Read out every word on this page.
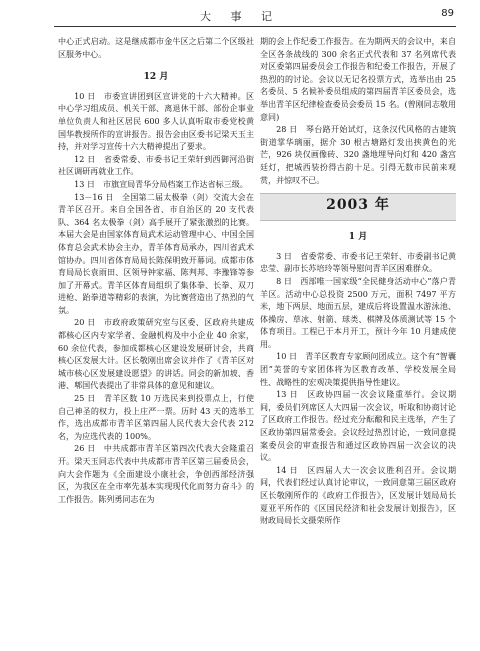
大 事 记	89

中心正式启动。这是继成都市金牛区之后第二个区级社区服务中心。

12 月

10 日　市委宣讲团到区宣讲党的十六大精神。区中心学习组成员、机关干部、离退休干部、部份企事业单位负责人和社区居民 600 多人认真听取市委党校黄国华教授所作的宣讲报告。报告会由区委书记梁天玉主持，并对学习宣传十六大精神提出了要求。

12 日　省委常委、市委书记王荣轩到西御河沿街社区调研再就业工作。

13 日　市旗宣局青华分局档案工作达省标三级。

13－16 日　全国第二届太极拳（剑）交流大会在青羊区召开。来自全国各省、市自治区的 20 支代表队、364 名太极拳（剑）高手展开了紧张激烈的比赛。本届大会是由国家体育局武术运动管理中心、中国全国体育总会武术协会主办，青羊体育局承办，四川省武术馆协办。四川省体育局局长陈保明致开幕词。成都市体育局局长袁雨田、区领导钟家福、陈判邦、李豫锋等参加了开幕式。青羊区体育局组织了集体拳、长拳、双刀进枪、跆拳道等精彩的表演，为比赛营造出了热烈的气氛。

20 日　市政府政策研究室与区委、区政府共建成都核心区内专家学者、金融机构及中小企业 40 余家，60 余位代表，参加成都核心区建设发展研讨会，共商核心区发展大计。区长敬刚出席会议并作了《青羊区对城市核心区发展建设愿望》的讲话。同会的新加坡、香港、郫国代表提出了非常具体的意见和建议。

25 日　青羊区数 10 万选民来到投票点上，行使自己神圣的权力，投上庄严一票。历时 43 天的选举工作，选出成都市青羊区第四届人民代表大会代表 212 名，为应选代表的 100%。

26 日　中共成都市青羊区第四次代表大会隆重召开。梁天玉同志代表中共成都市青羊区第三届委员会，向大会作题为《全面建设小康社会，争创西部经济强区，为我区在全市率先基本实现现代化而努力奋斗》的工作报告。陈列勇同志在为

期的会上作纪委工作报告。在为期两天的会议中，来自全区各条战线的 300 余名正式代表和 37 名列席代表对区委第四届委员会工作报告和纪委工作报告，开展了热烈的的讨论。会议以无记名投票方式，选举出由 25 名委员、5 名候补委员组成的第四届青羊区委员会，选举出青羊区纪律检查委员会委员 15 名。(曾刚同志敬用意同)

28 日　琴台路开始试灯，这条汉代风格的古建筑街道掌华璃丽，据介 30 根古塘路灯发出挟黄色的光芒，926 块仅画像砖、320 盏地埋导向灯和 420 盏宫廷灯，把城西装扮得古韵十足。引得无数市民前来观赏，并惊叹不已。

2003 年
1 月

3 日　省委常委、市委书记王荣轩、市委副书记黄忠莹、副市长苏培玲等领导慰问青羊区困难群众。

8 日　西部唯一国家级“全民健身活动中心”落户青羊区。活动中心总投资 2500 万元，面积 7497 平方米，地下两层、地面五层，建成后将设置温水游泳池、体操房、草冰、射箭、球类、棋牌及体质测试等 15 个体育项目。工程已于本月开工，预计今年 10 月建成使用。

10 日　青羊区教育专家顾问团成立。这个有“智囊团”美誉的专家团体将为区教育改革、学校发展全局性、战略性的宏观决策提供指导性建议。

13 日　区政协四届一次会议隆重举行。会议期间，委员们列席区人大四届一次会议，听取和协商讨论了区政府工作报告。经过充分酝酿和民主选举，产生了区政协第四届常委会。会议经过热烈讨论，一致同意提案委员会的审查报告和通过区政协四届一次会议的决议。

14 日　区四届人大一次会议胜利召开。会议期间，代表们经过认真讨论审议，一致同意第三届区政府区长敬刚所作的《政府工作报告》，区发展计划局局长夏亚平所作的《区国民经济和社会发展计划报告》，区财政局局长文摄荣所作
